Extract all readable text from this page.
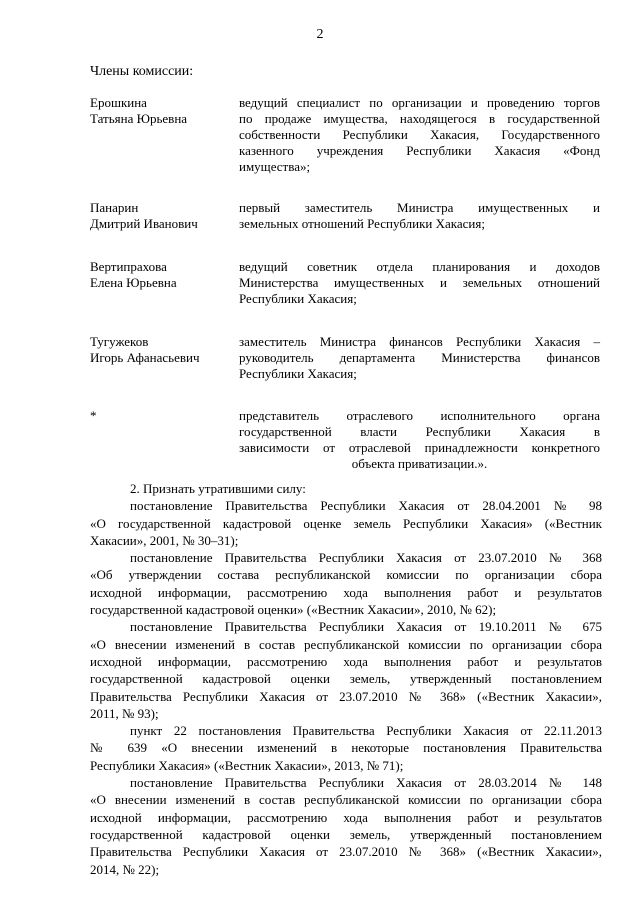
2
Члены комиссии:
Ерошкина
Татьяна Юрьевна
ведущий специалист по организации и проведению торгов
по продаже имущества, находящегося в государственной
собственности Республики Хакасия, Государственного
казенного учреждения Республики Хакасия «Фонд
имущества»;
Панарин
Дмитрий Иванович
первый заместитель Министра имущественных и
земельных отношений Республики Хакасия;
Вертипрахова
Елена Юрьевна
ведущий советник отдела планирования и доходов
Министерства имущественных и земельных отношений
Республики Хакасия;
Тугужеков
Игорь Афанасьевич
заместитель Министра финансов Республики Хакасия –
руководитель департамента Министерства финансов
Республики Хакасия;
*	представитель отраслевого исполнительного органа
государственной власти Республики Хакасия в
зависимости от отраслевой принадлежности конкретного
объекта приватизации.».
2. Признать утратившими силу:
постановление Правительства Республики Хакасия от 28.04.2001 № 98
«О государственной кадастровой оценке земель Республики Хакасия» («Вестник
Хакасии», 2001, № 30–31);
постановление Правительства Республики Хакасия от 23.07.2010 № 368
«Об утверждении состава республиканской комиссии по организации сбора
исходной информации, рассмотрению хода выполнения работ и результатов
государственной кадастровой оценки» («Вестник Хакасии», 2010, № 62);
постановление Правительства Республики Хакасия от 19.10.2011 № 675
«О внесении изменений в состав республиканской комиссии по организации сбора
исходной информации, рассмотрению хода выполнения работ и результатов
государственной кадастровой оценки земель, утвержденный постановлением
Правительства Республики Хакасия от 23.07.2010 № 368» («Вестник Хакасии»,
2011, № 93);
пункт 22 постановления Правительства Республики Хакасия от 22.11.2013
№ 639 «О внесении изменений в некоторые постановления Правительства
Республики Хакасия» («Вестник Хакасии», 2013, № 71);
постановление Правительства Республики Хакасия от 28.03.2014 № 148
«О внесении изменений в состав республиканской комиссии по организации сбора
исходной информации, рассмотрению хода выполнения работ и результатов
государственной кадастровой оценки земель, утвержденный постановлением
Правительства Республики Хакасия от 23.07.2010 № 368» («Вестник Хакасии»,
2014, № 22);
